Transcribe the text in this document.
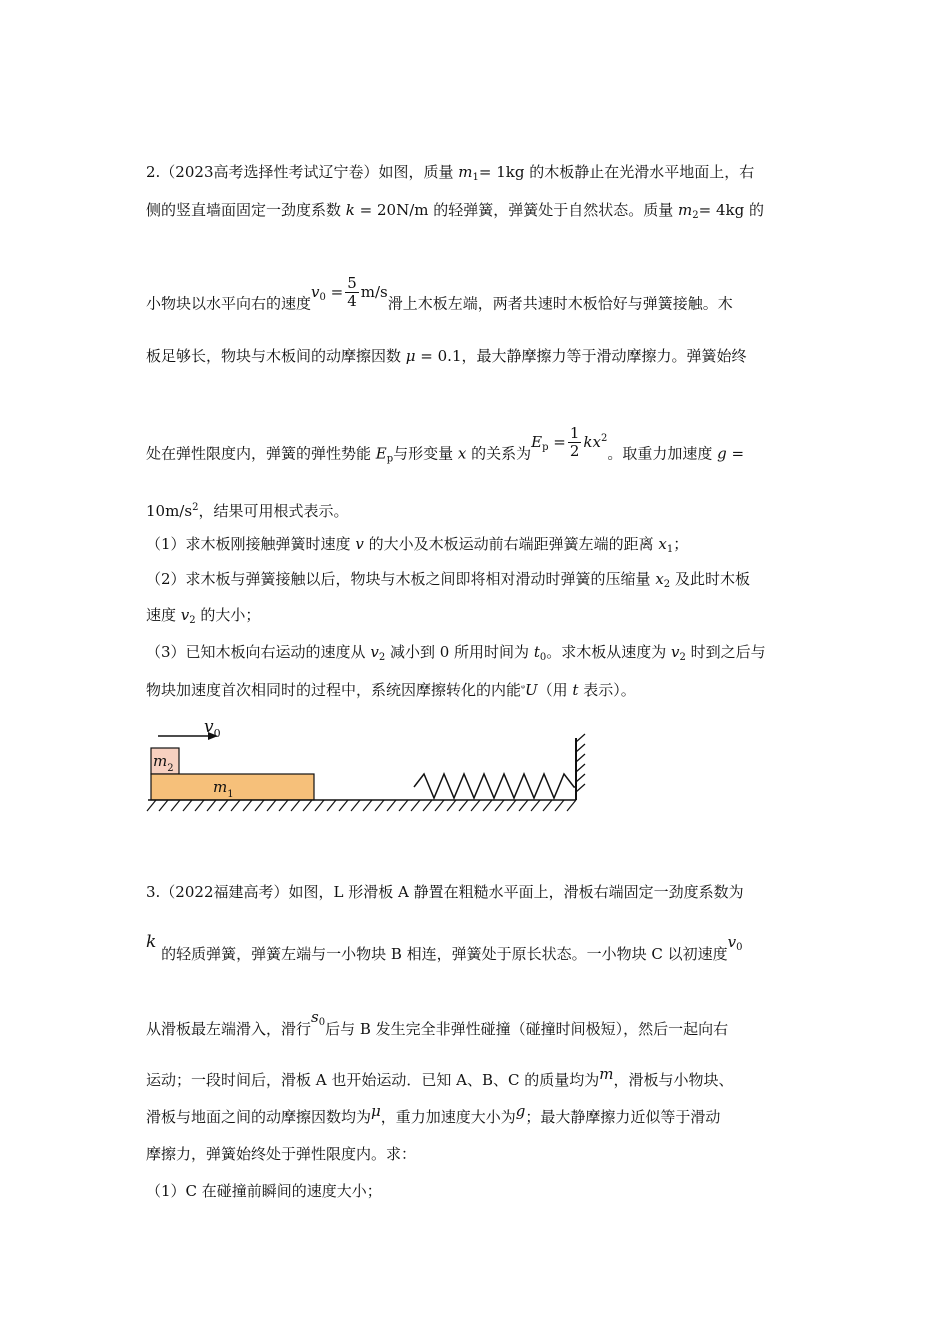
2.（2023高考选择性考试辽宁卷）如图，质量 $m_1= 1kg$ 的木板静止在光滑水平地面上，右
侧的竖直墙面固定一劲度系数 k = 20N/m 的轻弹簧，弹簧处于自然状态。质量 $m_2= 4kg$ 的
小物块以水平向右的速度$v_0 = \frac{5}{4} m/s$滑上木板左端，两者共速时木板恰好与弹簧接触。木
板足够长，物块与木板间的动摩擦因数 μ = 0.1，最大静摩擦力等于滑动摩擦力。弹簧始终
处在弹性限度内，弹簧的弹性势能 $E_p$与形变量 x 的关系为$E_p = \frac{1}{2} kx^2$。取重力加速度 g =
$10m/s^2$，结果可用根式表示。
（1）求木板刚接触弹簧时速度 v 的大小及木板运动前右端距弹簧左端的距离 $x_1$；
（2）求木板与弹簧接触以后，物块与木板之间即将相对滑动时弹簧的压缩量 $x_2$ 及此时木板
速度 $v_2$ 的大小；
（3）已知木板向右运动的速度从 $v_2$ 减小到 0 所用时间为 $t_0$。求木板从速度为 $v_2$ 时到之后与
物块加速度首次相同时的过程中，系统因摩擦转化的内能$^ᵠ$U（用 t 表示）。
$v_0$
$m_2$
$m_1$
3.（2022福建高考）如图，L 形滑板 A 静置在粗糙水平面上，滑板右端固定一劲度系数为
k 的轻质弹簧，弹簧左端与一小物块 B 相连，弹簧处于原长状态。一小物块 C 以初速度$v_0$
从滑板最左端滑入，滑行$s_0$后与 B 发生完全非弹性碰撞（碰撞时间极短），然后一起向右
运动；一段时间后，滑板 A 也开始运动．已知 A、B、C 的质量均为m，滑板与小物块、
滑板与地面之间的动摩擦因数均为μ，重力加速度大小为g；最大静摩擦力近似等于滑动
摩擦力，弹簧始终处于弹性限度内。求：
（1）C 在碰撞前瞬间的速度大小；
